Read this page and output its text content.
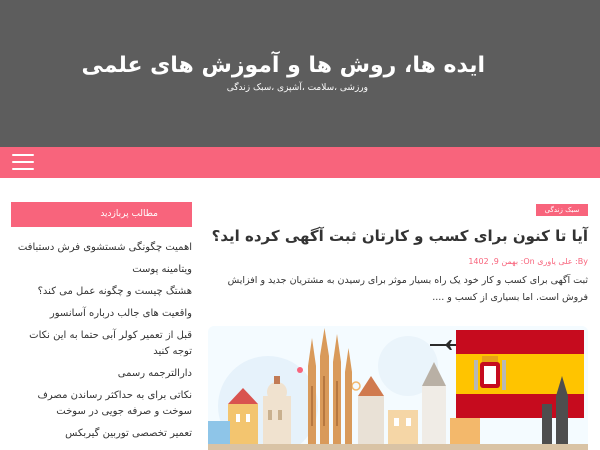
ایده ها، روش ها و آموزش های علمی
ورزشی ،سلامت ،آشپزی ،سبک زندگی
مطالب پربازدید
اهمیت چگونگی شستشوی فرش دستبافت
ویتامینه پوست
هشتگ چیست و چگونه عمل می کند؟
واقعیت های جالب درباره آسانسور
قبل از تعمیر کولر آبی حتما به این نکات توجه کنید
دارالترجمه رسمی
نکاتی برای به حداکثر رساندن مصرف سوخت و صرفه جویی در سوخت
تعمیر تخصصی توربین گیربکس
سبک زندگی
آیا تا کنون برای کسب و کارتان ثبت آگهی کرده اید؟
By: علی یاوری On: بهمن 9, 1402
ثبت آگهی برای کسب و کار خود یک راه بسیار موثر برای رسیدن به مشتریان جدید و افزایش فروش است. اما بسیاری از کسب و ....
